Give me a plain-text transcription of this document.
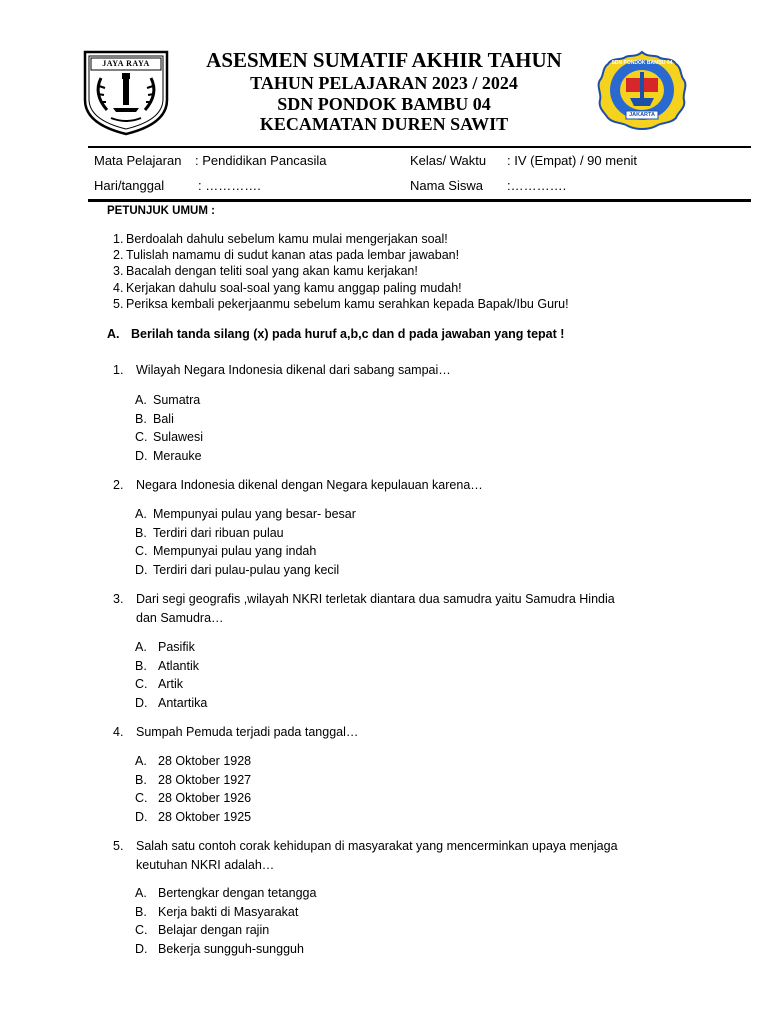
JAYA RAYA	SDN PONDOK BAMBU 04
JAKARTA
ASESMEN SUMATIF AKHIR TAHUN
TAHUN PELAJARAN 2023 / 2024
SDN PONDOK BAMBU 04
KECAMATAN DUREN SAWIT
Mata Pelajaran : Pendidikan Pancasila	Kelas/ Waktu : IV (Empat) / 90 menit
Hari/tanggal	: ………….	Nama Siswa :………….
PETUNJUK UMUM :
1. Berdoalah dahulu sebelum kamu mulai mengerjakan soal!
2. Tulislah namamu di sudut kanan atas pada lembar jawaban!
3. Bacalah dengan teliti soal yang akan kamu kerjakan!
4. Kerjakan dahulu soal-soal yang kamu anggap paling mudah!
5. Periksa kembali pekerjaanmu sebelum kamu serahkan kepada Bapak/Ibu Guru!
A. Berilah tanda silang (x) pada huruf a,b,c dan d pada jawaban yang tepat !
1. Wilayah Negara Indonesia dikenal dari sabang sampai…
A. Sumatra
B. Bali
C. Sulawesi
D. Merauke
2. Negara Indonesia dikenal dengan Negara kepulauan karena…
A. Mempunyai pulau yang besar- besar
B. Terdiri dari ribuan pulau
C. Mempunyai pulau yang indah
D. Terdiri dari pulau-pulau yang kecil
3. Dari segi geografis ,wilayah NKRI terletak diantara dua samudra yaitu Samudra Hindia
dan Samudra…
A. Pasifik
B. Atlantik
C. Artik
D. Antartika
4. Sumpah Pemuda terjadi pada tanggal…
A. 28 Oktober 1928
B. 28 Oktober 1927
C. 28 Oktober 1926
D. 28 Oktober 1925
5. Salah satu contoh corak kehidupan di masyarakat yang mencerminkan upaya menjaga
keutuhan NKRI adalah…
A. Bertengkar dengan tetangga
B. Kerja bakti di Masyarakat
C. Belajar dengan rajin
D. Bekerja sungguh-sungguh
